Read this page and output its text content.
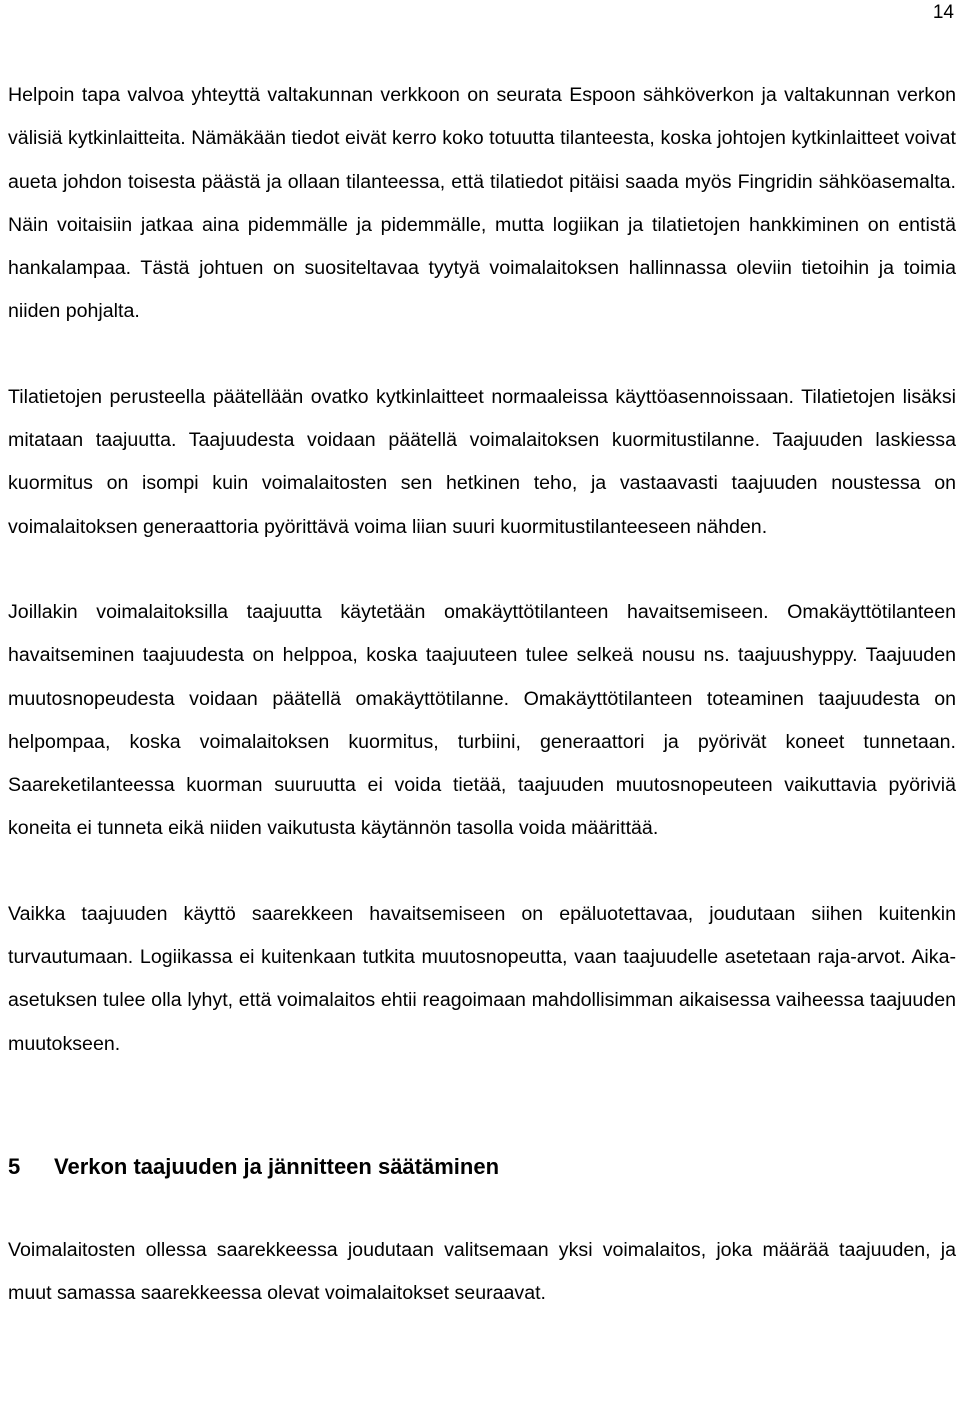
14

Helpoin tapa valvoa yhteyttä valtakunnan verkkoon on seurata Espoon sähköverkon ja valtakunnan verkon välisiä kytkinlaitteita. Nämäkään tiedot eivät kerro koko totuutta tilanteesta, koska johtojen kytkinlaitteet voivat aueta johdon toisesta päästä ja ollaan tilanteessa, että tilatiedot pitäisi saada myös Fingridin sähköasemalta. Näin voitaisiin jatkaa aina pidemmälle ja pidemmälle, mutta logiikan ja tilatietojen hankkiminen on entistä hankalampaa. Tästä johtuen on suositeltavaa tyytyä voimalaitoksen hallinnassa oleviin tietoihin ja toimia niiden pohjalta.

Tilatietojen perusteella päätellään ovatko kytkinlaitteet normaaleissa käyttöasennoissaan. Tilatietojen lisäksi mitataan taajuutta. Taajuudesta voidaan päätellä voimalaitoksen kuormitustilanne. Taajuuden laskiessa kuormitus on isompi kuin voimalaitosten sen hetkinen teho, ja vastaavasti taajuuden noustessa on voimalaitoksen generaattoria pyörittävä voima liian suuri kuormitustilanteeseen nähden.

Joillakin voimalaitoksilla taajuutta käytetään omakäyttötilanteen havaitsemiseen. Omakäyttötilanteen havaitseminen taajuudesta on helppoa, koska taajuuteen tulee selkeä nousu ns. taajuushyppy. Taajuuden muutosnopeudesta voidaan päätellä omakäyttötilanne. Omakäyttötilanteen toteaminen taajuudesta on helpompaa, koska voimalaitoksen kuormitus, turbiini, generaattori ja pyörivät koneet tunnetaan. Saareketilanteessa kuorman suuruutta ei voida tietää, taajuuden muutosnopeuteen vaikuttavia pyöriviä koneita ei tunneta eikä niiden vaikutusta käytännön tasolla voida määrittää.

Vaikka taajuuden käyttö saarekkeen havaitsemiseen on epäluotettavaa, joudutaan siihen kuitenkin turvautumaan. Logiikassa ei kuitenkaan tutkita muutosnopeutta, vaan taajuudelle asetetaan raja-arvot. Aika-asetuksen tulee olla lyhyt, että voimalaitos ehtii reagoimaan mahdollisimman aikaisessa vaiheessa taajuuden muutokseen.

5	Verkon taajuuden ja jännitteen säätäminen

Voimalaitosten ollessa saarekkeessa joudutaan valitsemaan yksi voimalaitos, joka määrää taajuuden, ja muut samassa saarekkeessa olevat voimalaitokset seuraavat.
